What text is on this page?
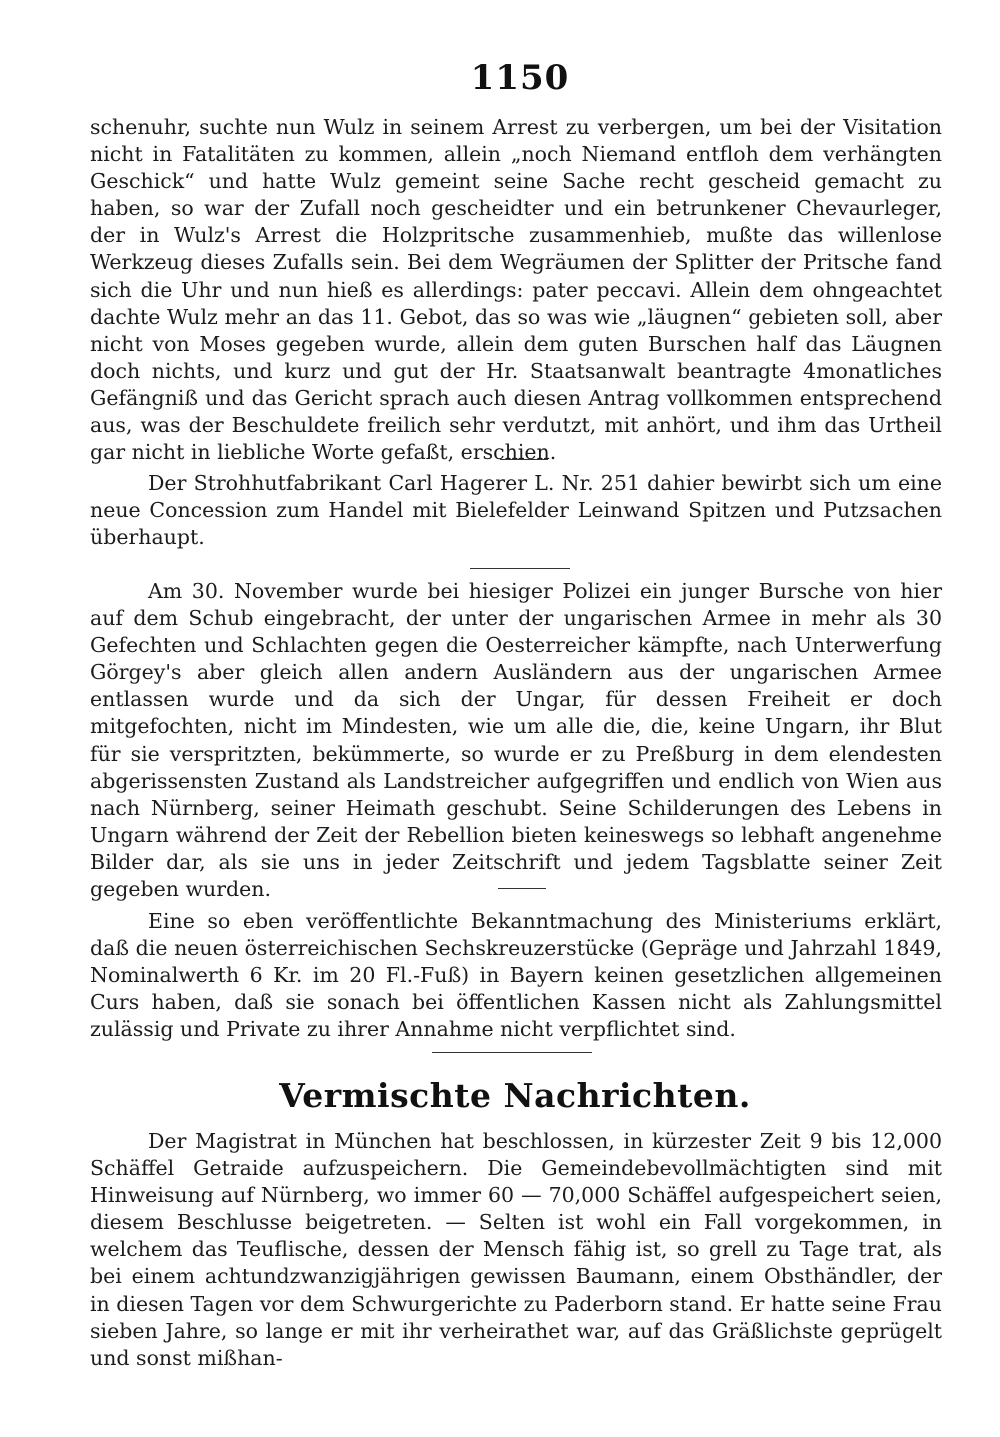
1150

schenuhr, suchte nun Wulz in seinem Arrest zu verbergen, um bei der Visitation nicht in Fatalitäten zu kommen, allein „noch Niemand entfloh dem verhängten Geschick“ und hatte Wulz gemeint seine Sache recht gescheid gemacht zu haben, so war der Zufall noch gescheidter und ein betrunkener Chevaurleger, der in Wulz's Arrest die Holzpritsche zusammenhieb, mußte das willenlose Werkzeug dieses Zufalls sein. Bei dem Wegräumen der Splitter der Pritsche fand sich die Uhr und nun hieß es allerdings: pater peccavi. Allein dem ohngeachtet dachte Wulz mehr an das 11. Gebot, das so was wie „läugnen“ gebieten soll, aber nicht von Moses gegeben wurde, allein dem guten Burschen half das Läugnen doch nichts, und kurz und gut der Hr. Staatsanwalt beantragte 4monatliches Gefängniß und das Gericht sprach auch diesen Antrag vollkommen entsprechend aus, was der Beschuldete freilich sehr verdutzt, mit anhört, und ihm das Urtheil gar nicht in liebliche Worte gefaßt, erschien.

Der Strohhutfabrikant Carl Hagerer L. Nr. 251 dahier bewirbt sich um eine neue Concession zum Handel mit Bielefelder Leinwand Spitzen und Putzsachen überhaupt.

Am 30. November wurde bei hiesiger Polizei ein junger Bursche von hier auf dem Schub eingebracht, der unter der ungarischen Armee in mehr als 30 Gefechten und Schlachten gegen die Oesterreicher kämpfte, nach Unterwerfung Görgey's aber gleich allen andern Ausländern aus der ungarischen Armee entlassen wurde und da sich der Ungar, für dessen Freiheit er doch mitgefochten, nicht im Mindesten, wie um alle die, die, keine Ungarn, ihr Blut für sie verspritzten, bekümmerte, so wurde er zu Preßburg in dem elendesten abgerissensten Zustand als Landstreicher aufgegriffen und endlich von Wien aus nach Nürnberg, seiner Heimath geschubt. Seine Schilderungen des Lebens in Ungarn während der Zeit der Rebellion bieten keineswegs so lebhaft angenehme Bilder dar, als sie uns in jeder Zeitschrift und jedem Tagsblatte seiner Zeit gegeben wurden.

Eine so eben veröffentlichte Bekanntmachung des Ministeriums erklärt, daß die neuen österreichischen Sechskreuzerstücke (Gepräge und Jahrzahl 1849, Nominalwerth 6 Kr. im 20 Fl.-Fuß) in Bayern keinen gesetzlichen allgemeinen Curs haben, daß sie sonach bei öffentlichen Kassen nicht als Zahlungsmittel zulässig und Private zu ihrer Annahme nicht verpflichtet sind.

Vermischte Nachrichten.

Der Magistrat in München hat beschlossen, in kürzester Zeit 9 bis 12,000 Schäffel Getraide aufzuspeichern. Die Gemeindebevollmächtigten sind mit Hinweisung auf Nürnberg, wo immer 60 — 70,000 Schäffel aufgespeichert seien, diesem Beschlusse beigetreten. — Selten ist wohl ein Fall vorgekommen, in welchem das Teuflische, dessen der Mensch fähig ist, so grell zu Tage trat, als bei einem achtundzwanzigjährigen gewissen Baumann, einem Obsthändler, der in diesen Tagen vor dem Schwurgerichte zu Paderborn stand. Er hatte seine Frau sieben Jahre, so lange er mit ihr verheirathet war, auf das Gräßlichste geprügelt und sonst mißhan-
